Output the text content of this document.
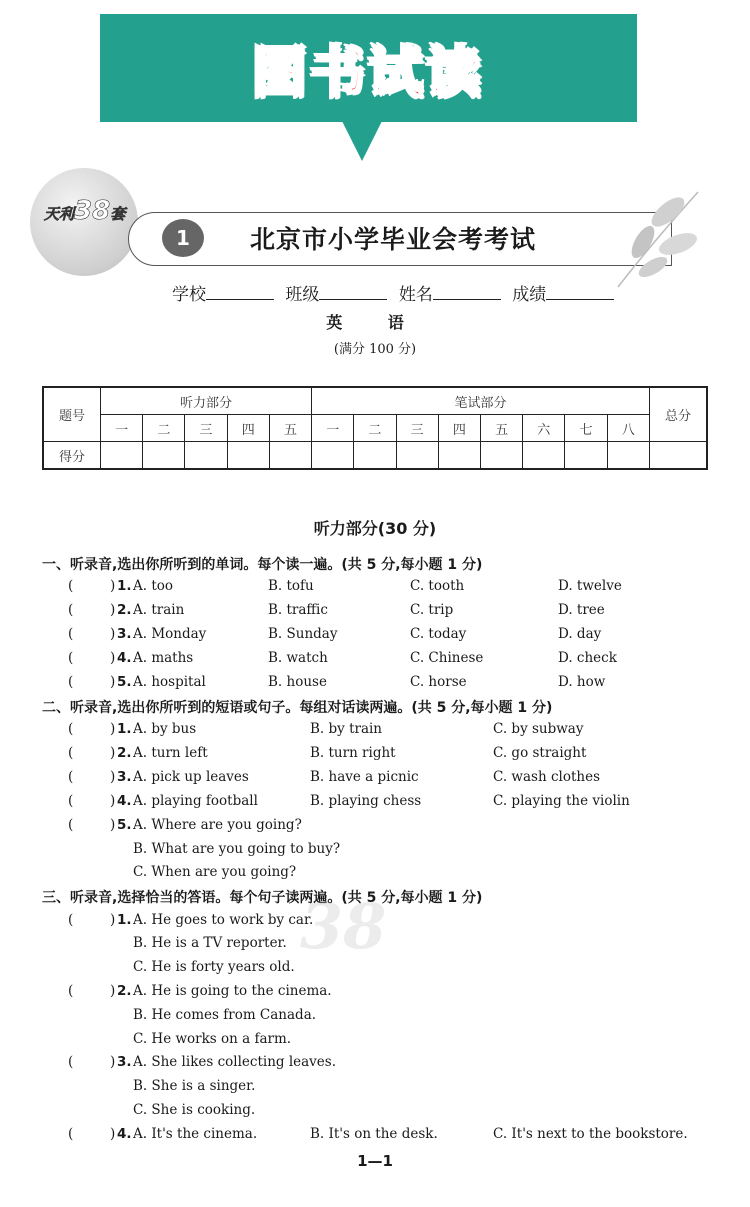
图书试读
天利38套
1	北京市小学毕业会考考试
学校	班级	姓名	成绩
英 语
(满分 100 分)
题号	听力部分					笔试部分								总分
	一	二	三	四	五	一	二	三	四	五	六	七	八	
得分														
听力部分(30 分)
一、听录音,选出你所听到的单词。每个读一遍。(共 5 分,每小题 1 分)
(	) 1. A. too	B. tofu	C. tooth	D. twelve
(	) 2. A. train	B. traffic	C. trip	D. tree
(	) 3. A. Monday	B. Sunday	C. today	D. day
(	) 4. A. maths	B. watch	C. Chinese	D. check
(	) 5. A. hospital	B. house	C. horse	D. how
二、听录音,选出你所听到的短语或句子。每组对话读两遍。(共 5 分,每小题 1 分)
(	) 1. A. by bus	B. by train	C. by subway
(	) 2. A. turn left	B. turn right	C. go straight
(	) 3. A. pick up leaves	B. have a picnic	C. wash clothes
(	) 4. A. playing football	B. playing chess	C. playing the violin
(	) 5. A. Where are you going?
B. What are you going to buy?
C. When are you going?
三、听录音,选择恰当的答语。每个句子读两遍。(共 5 分,每小题 1 分)
38
(	) 1. A. He goes to work by car.
B. He is a TV reporter.
C. He is forty years old.
(	) 2. A. He is going to the cinema.
B. He comes from Canada.
C. He works on a farm.
(	) 3. A. She likes collecting leaves.
B. She is a singer.
C. She is cooking.
(	) 4. A. It's the cinema.	B. It's on the desk.	C. It's next to the bookstore.
1—1
